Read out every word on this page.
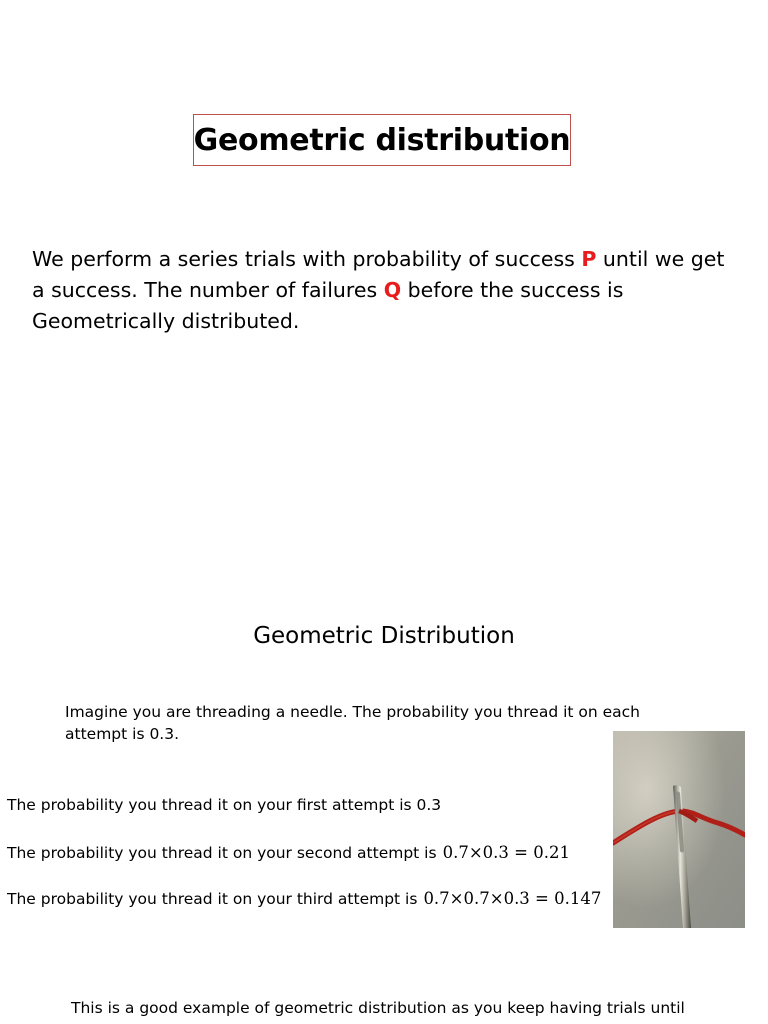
Geometric distribution

We perform a series trials with probability of success P until we get a success. The number of failures Q before the success is Geometrically distributed.

Geometric Distribution

Imagine you are threading a needle. The probability you thread it on each attempt is 0.3.

The probability you thread it on your first attempt is 0.3

The probability you thread it on your second attempt is 0.7×0.3 = 0.21

The probability you thread it on your third attempt is 0.7×0.7×0.3 = 0.147

This is a good example of geometric distribution as you keep having trials until
